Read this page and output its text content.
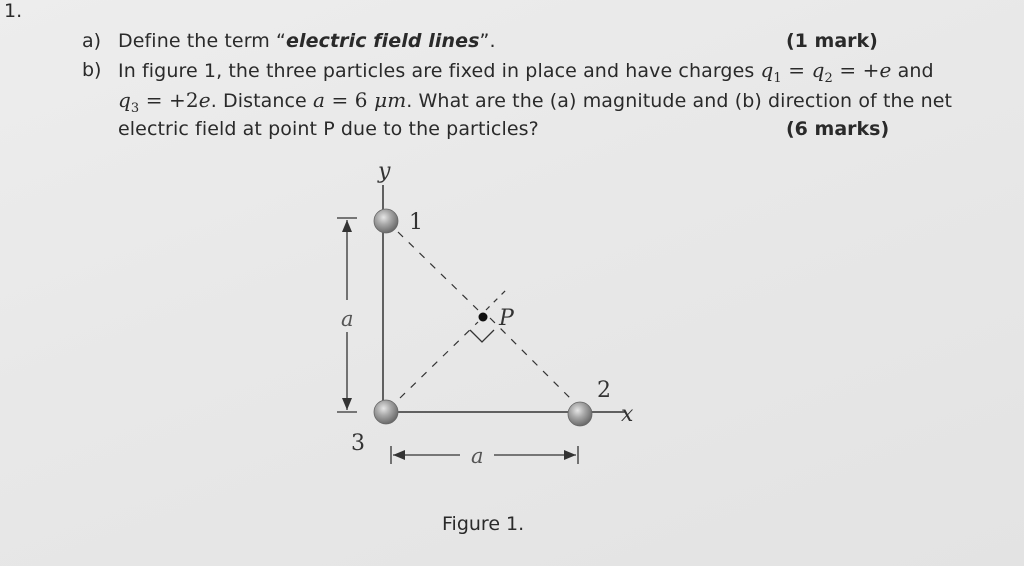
1.
a) Define the term “electric field lines”.	(1 mark)
b) In figure 1, the three particles are fixed in place and have charges $q_1 = q_2 = +e$ and
$q_3 = +2e$. Distance a = 6 μm. What are the (a) magnitude and (b) direction of the net
electric field at point P due to the particles?	(6 marks)
y
x
P
a
a
1
3
2
Figure 1.
